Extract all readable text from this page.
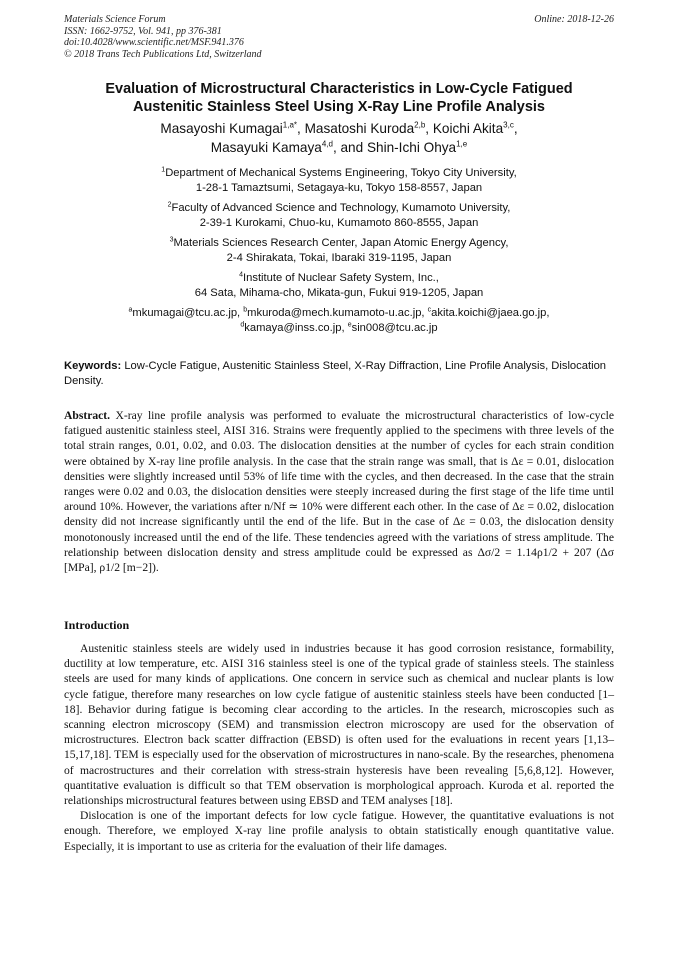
Materials Science Forum
ISSN: 1662-9752, Vol. 941, pp 376-381
doi:10.4028/www.scientific.net/MSF.941.376
© 2018 Trans Tech Publications Ltd, Switzerland
Online: 2018-12-26
Evaluation of Microstructural Characteristics in Low-Cycle Fatigued
Austenitic Stainless Steel Using X-Ray Line Profile Analysis
Masayoshi Kumagai$^{1,a*}$, Masatoshi Kuroda$^{2,b}$, Koichi Akita$^{3,c}$,
Masayuki Kamaya$^{4,d}$, and Shin-Ichi Ohya$^{1,e}$
$^1$Department of Mechanical Systems Engineering, Tokyo City University,
1-28-1 Tamaztsumi, Setagaya-ku, Tokyo 158-8557, Japan
$^2$Faculty of Advanced Science and Technology, Kumamoto University,
2-39-1 Kurokami, Chuo-ku, Kumamoto 860-8555, Japan
$^3$Materials Sciences Research Center, Japan Atomic Energy Agency,
2-4 Shirakata, Tokai, Ibaraki 319-1195, Japan
$^4$Institute of Nuclear Safety System, Inc.,
64 Sata, Mihama-cho, Mikata-gun, Fukui 919-1205, Japan
$^a$mkumagai@tcu.ac.jp, $^b$mkuroda@mech.kumamoto-u.ac.jp, $^c$akita.koichi@jaea.go.jp,
$^d$kamaya@inss.co.jp, $^e$sin008@tcu.ac.jp
Keywords: Low-Cycle Fatigue, Austenitic Stainless Steel, X-Ray Diffraction, Line Profile Analysis, Dislocation Density.

Abstract. X-ray line profile analysis was performed to evaluate the microstructural characteristics of low-cycle fatigued austenitic stainless steel, AISI 316. Strains were frequently applied to the specimens with three levels of the total strain ranges, 0.01, 0.02, and 0.03. The dislocation densities at the number of cycles for each strain condition were obtained by X-ray line profile analysis. In the case that the strain range was small, that is Δε = 0.01, dislocation densities were slightly increased until 53% of life time with the cycles, and then decreased. In the case that the strain ranges were 0.02 and 0.03, the dislocation densities were steeply increased during the first stage of the life time until around 10%. However, the variations after n/Nf ≃ 10% were different each other. In the case of Δε = 0.02, dislocation density did not increase significantly until the end of the life. But in the case of Δε = 0.03, the dislocation density monotonously increased until the end of the life. These tendencies agreed with the variations of stress amplitude. The relationship between dislocation density and stress amplitude could be expressed as Δσ/2 = 1.14ρ1/2 + 207 (Δσ [MPa], ρ1/2 [m−2]).

Introduction

Austenitic stainless steels are widely used in industries because it has good corrosion resistance, formability, ductility at low temperature, etc. AISI 316 stainless steel is one of the typical grade of stainless steels. The stainless steels are used for many kinds of applications. One concern in service such as chemical and nuclear plants is low cycle fatigue, therefore many researches on low cycle fatigue of austenitic stainless steels have been conducted [1–18]. Behavior during fatigue is becoming clear according to the articles. In the research, microscopies such as scanning electron microscopy (SEM) and transmission electron microscopy are used for the observation of microstructures. Electron back scatter diffraction (EBSD) is often used for the evaluations in recent years [1,13–15,17,18]. TEM is especially used for the observation of microstructures in nano-scale. By the researches, phenomena of macrostructures and their correlation with stress-strain hysteresis have been revealing [5,6,8,12]. However, quantitative evaluation is difficult so that TEM observation is morphological approach. Kuroda et al. reported the relationships microstructural features between using EBSD and TEM analyses [18].

Dislocation is one of the important defects for low cycle fatigue. However, the quantitative evaluations is not enough. Therefore, we employed X-ray line profile analysis to obtain statistically enough quantitative value. Especially, it is important to use as criteria for the evaluation of their life damages.
